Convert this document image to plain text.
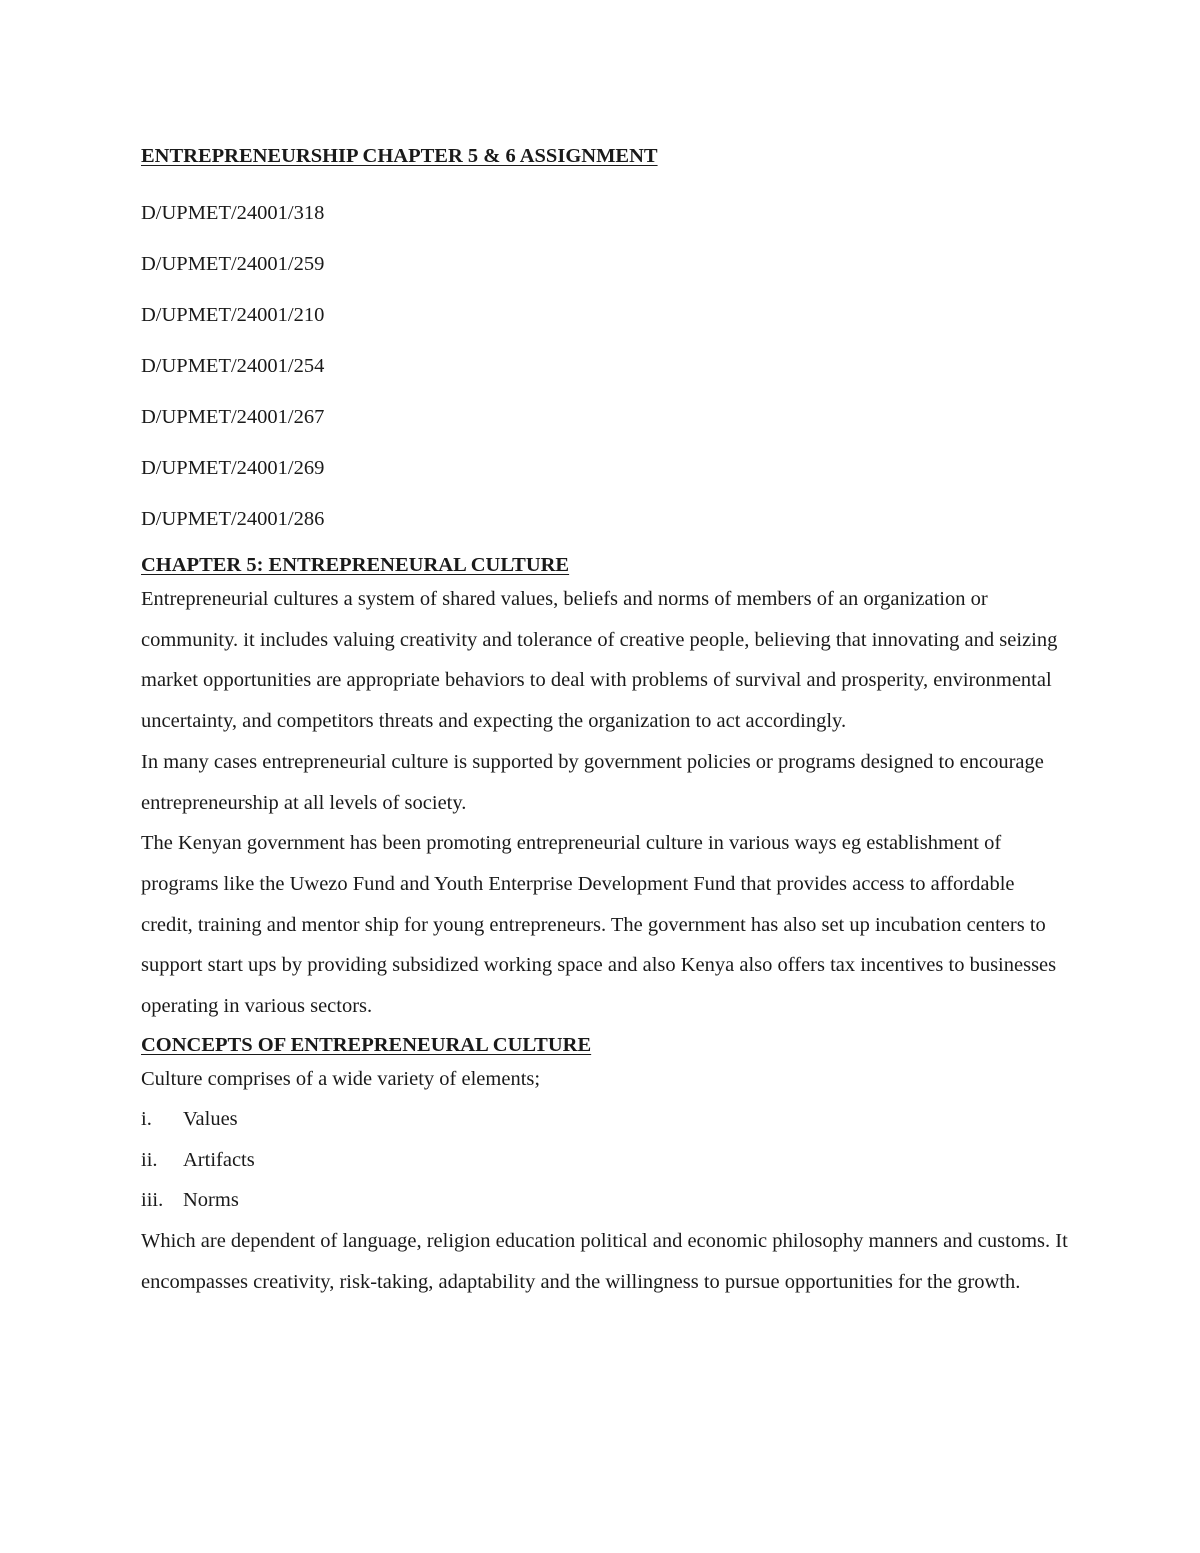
ENTREPRENEURSHIP CHAPTER 5 & 6 ASSIGNMENT

D/UPMET/24001/318

D/UPMET/24001/259

D/UPMET/24001/210

D/UPMET/24001/254

D/UPMET/24001/267

D/UPMET/24001/269

D/UPMET/24001/286

CHAPTER 5: ENTREPRENEURAL CULTURE

Entrepreneurial cultures a system of shared values, beliefs and norms of members of an organization or community. it includes valuing creativity and tolerance of creative people, believing that innovating and seizing market opportunities are appropriate behaviors to deal with problems of survival and prosperity, environmental uncertainty, and competitors threats and expecting the organization to act accordingly.

In many cases entrepreneurial culture is supported by government policies or programs designed to encourage entrepreneurship at all levels of society.

The Kenyan government has been promoting entrepreneurial culture in various ways eg establishment of programs like the Uwezo Fund and Youth Enterprise Development Fund that provides access to affordable credit, training and mentor ship for young entrepreneurs. The government has also set up incubation centers to support start ups by providing subsidized working space and also Kenya also offers tax incentives to businesses operating in various sectors.

CONCEPTS OF ENTREPRENEURAL CULTURE

Culture comprises of a wide variety of elements;

i.	Values
ii.	Artifacts
iii. Norms

Which are dependent of language, religion education political and economic philosophy manners and customs. It encompasses creativity, risk-taking, adaptability and the willingness to pursue opportunities for the growth.
